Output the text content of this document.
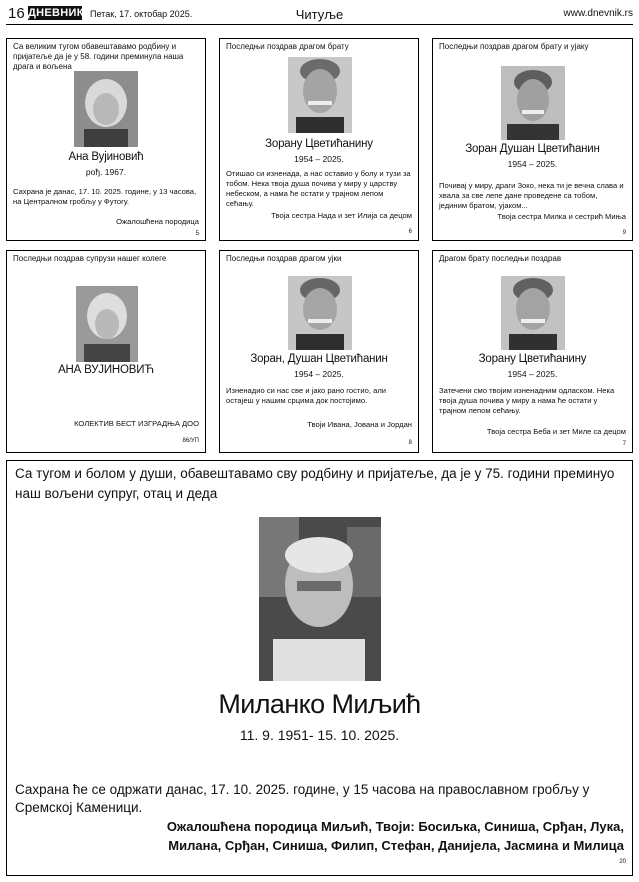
16 ДНЕВНИК Петак, 17. октобар 2025.	Читуље	www.dnevnik.rs
Са великим тугом обавештавамо родбину и пријатеље да је у 58. години преминула наша драга и вољена
Ана Вујиновић
рођ. 1967.
Сахрана је данас, 17. 10. 2025. године, у 13 часова, на Централном гробљу у Футогу.
Ожалошћена породица
5
Последњи поздрав драгом брату
Зорану Цветићанину
1954 – 2025.
Отишао си изненада, а нас оставио у болу и тузи за тобом. Нека твоја душа почива у миру у царству небеском, а нама ће остати у трајном лепом сећању.
Твоја сестра Нада и зет Илија са децом
6
Последњи поздрав драгом брату и ујаку
Зоран Душан Цветићанин
1954 – 2025.
Почивај у миру, драги Зоко, нека ти је вечна слава и хвала за све лепе дане проведене са тобом, јединим братом, ујаком...
Твоја сестра Милка и сестрић Миња
9
Последњи поздрав супрузи нашег колеге
АНА ВУЈИНОВИЋ
КОЛЕКТИВ БЕСТ ИЗГРАДЊА ДОО
86/УП
Последњи поздрав драгом ујки
Зоран, Душан Цветићанин
1954 – 2025.
Изненадио си нас све и јако рано гостио, али остајеш у нашим срцима док постојимо.
Твоји Ивана, Јована и Јордан
8
Драгом брату последњи поздрав
Зорану Цветићанину
1954 – 2025.
Затечени смо твојим изненадним одласком. Нека твоја душа почива у миру а нама ће остати у трајном лепом сећању.
Твоја сестра Беба и зет Миле са децом
7
Са тугом и болом у души, обавештавамо сву родбину и пријатеље, да је у 75. години преминуо наш вољени супруг, отац и деда
Миланко Миљић
11. 9. 1951- 15. 10. 2025.
Сахрана ће се одржати данас, 17. 10. 2025. године, у 15 часова на православном гробљу у Сремској Каменици.
Ожалошћена породица Миљић, Твоји: Босиљка, Синиша, Срђан, Лука,
Милана, Срђан, Синиша, Филип, Стефан, Данијела, Јасмина и Милица
20
